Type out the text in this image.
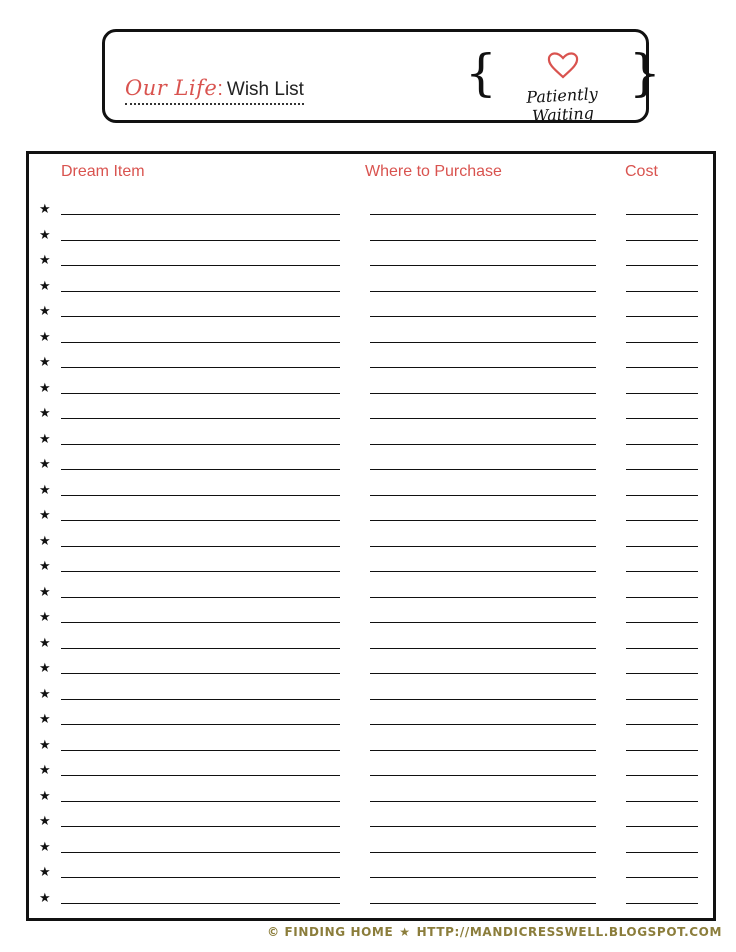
Our Life: Wish List	{	Patiently Waiting
}
Dream Item	Where to Purchase	Cost
★
★
★
★
★
★
★
★
★
★
★
★
★
★
★
★
★
★
★
★
★
★
★
★
★
★
★
★
© FINDING HOME ★ HTTP://MANDICRESSWELL.BLOGSPOT.COM
